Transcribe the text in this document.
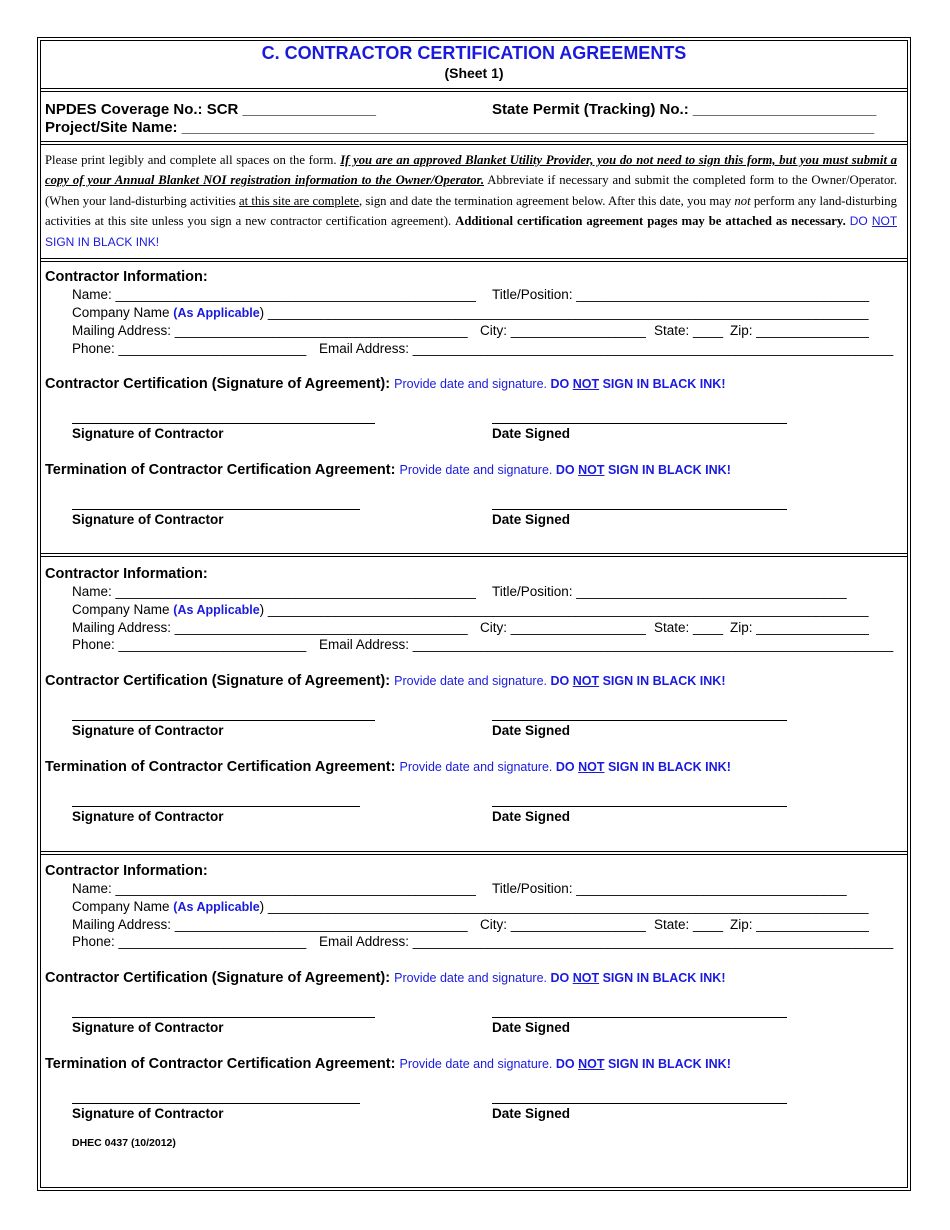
C. CONTRACTOR CERTIFICATION AGREEMENTS
(Sheet 1)
NPDES Coverage No.: SCR ________________	State Permit (Tracking) No.: ______________________
Project/Site Name: ___________________________________________________________________________________
Please print legibly and complete all spaces on the form. If you are an approved Blanket Utility Provider, you do not need to sign this form, but you must submit a copy of your Annual Blanket NOI registration information to the Owner/Operator. Abbreviate if necessary and submit the completed form to the Owner/Operator. (When your land-disturbing activities at this site are complete, sign and date the termination agreement below. After this date, you may not perform any land-disturbing activities at this site unless you sign a new contractor certification agreement). Additional certification agreement pages may be attached as necessary. DO NOT SIGN IN BLACK INK!
Contractor Information:
Name: ________________________________________________ Title/Position: _______________________________________
Company Name (As Applicable) ________________________________________________________________________________
Mailing Address: _______________________________________ City: __________________ State: ____ Zip: _______________
Phone: _________________________ Email Address: ________________________________________________________________
Contractor Certification (Signature of Agreement): Provide date and signature. DO NOT SIGN IN BLACK INK!
Signature of Contractor	Date Signed
Termination of Contractor Certification Agreement: Provide date and signature. DO NOT SIGN IN BLACK INK!
Signature of Contractor	Date Signed
Contractor Information:
Name: ________________________________________________ Title/Position: ____________________________________
Company Name (As Applicable) ________________________________________________________________________________
Mailing Address: _______________________________________ City: __________________ State: ____ Zip: _______________
Phone: _________________________ Email Address: ________________________________________________________________
Contractor Certification (Signature of Agreement): Provide date and signature. DO NOT SIGN IN BLACK INK!
Signature of Contractor	Date Signed
Termination of Contractor Certification Agreement: Provide date and signature. DO NOT SIGN IN BLACK INK!
Signature of Contractor	Date Signed
Contractor Information:
Name: ________________________________________________ Title/Position: ____________________________________
Company Name (As Applicable) ________________________________________________________________________________
Mailing Address: _______________________________________ City: __________________ State: ____ Zip: _______________
Phone: _________________________ Email Address: ________________________________________________________________
Contractor Certification (Signature of Agreement): Provide date and signature. DO NOT SIGN IN BLACK INK!
Signature of Contractor	Date Signed
Termination of Contractor Certification Agreement: Provide date and signature. DO NOT SIGN IN BLACK INK!
Signature of Contractor	Date Signed
DHEC 0437 (10/2012)
